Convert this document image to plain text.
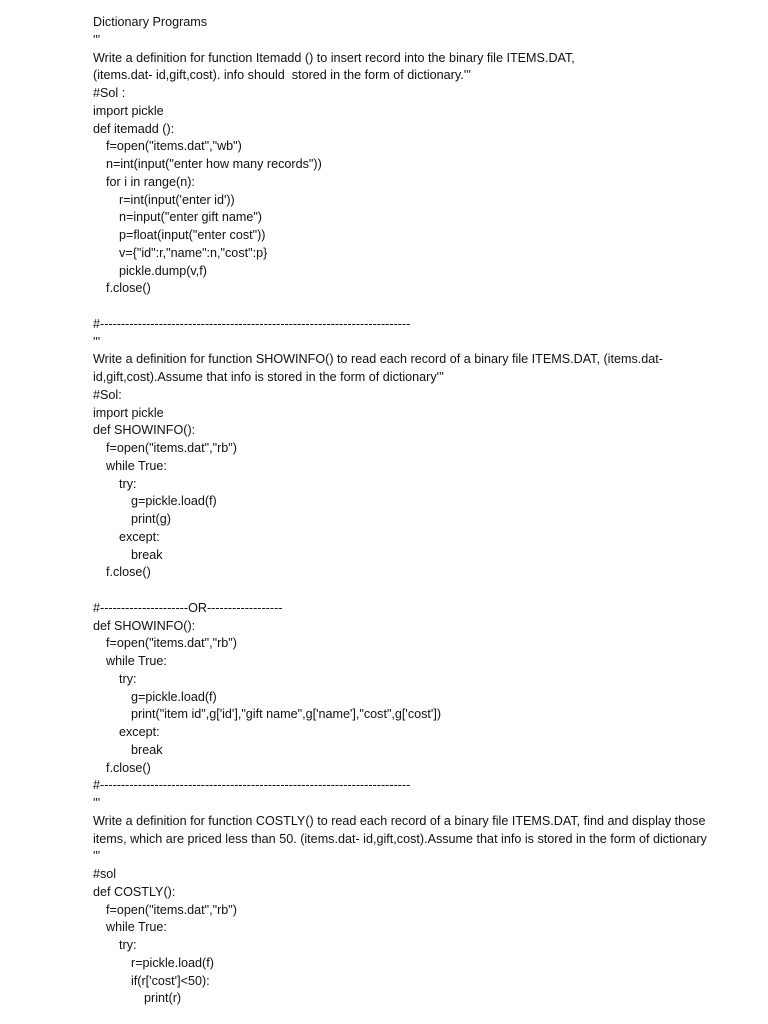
Dictionary Programs
'''
Write a definition for function Itemadd () to insert record into the binary file ITEMS.DAT,
(items.dat- id,gift,cost). info should  stored in the form of dictionary.'''
#Sol :
import pickle
def itemadd ():
f=open("items.dat","wb")
n=int(input("enter how many records"))
for i in range(n):
r=int(input('enter id'))
n=input("enter gift name")
p=float(input("enter cost"))
v={"id":r,"name":n,"cost":p}
pickle.dump(v,f)
f.close()
#--------------------------------------------------------------------------
'''
Write a definition for function SHOWINFO() to read each record of a binary file ITEMS.DAT, (items.dat-
id,gift,cost).Assume that info is stored in the form of dictionary'''
#Sol:
import pickle
def SHOWINFO():
f=open("items.dat","rb")
while True:
try:
g=pickle.load(f)
print(g)
except:
break
f.close()
#---------------------OR------------------
def SHOWINFO():
f=open("items.dat","rb")
while True:
try:
g=pickle.load(f)
print("item id",g['id'],"gift name",g['name'],"cost",g['cost'])
except:
break
f.close()
#--------------------------------------------------------------------------
'''
Write a definition for function COSTLY() to read each record of a binary file ITEMS.DAT, find and display those
items, which are priced less than 50. (items.dat- id,gift,cost).Assume that info is stored in the form of dictionary
'''
#sol
def COSTLY():
f=open("items.dat","rb")
while True:
try:
r=pickle.load(f)
if(r['cost']<50):
print(r)
